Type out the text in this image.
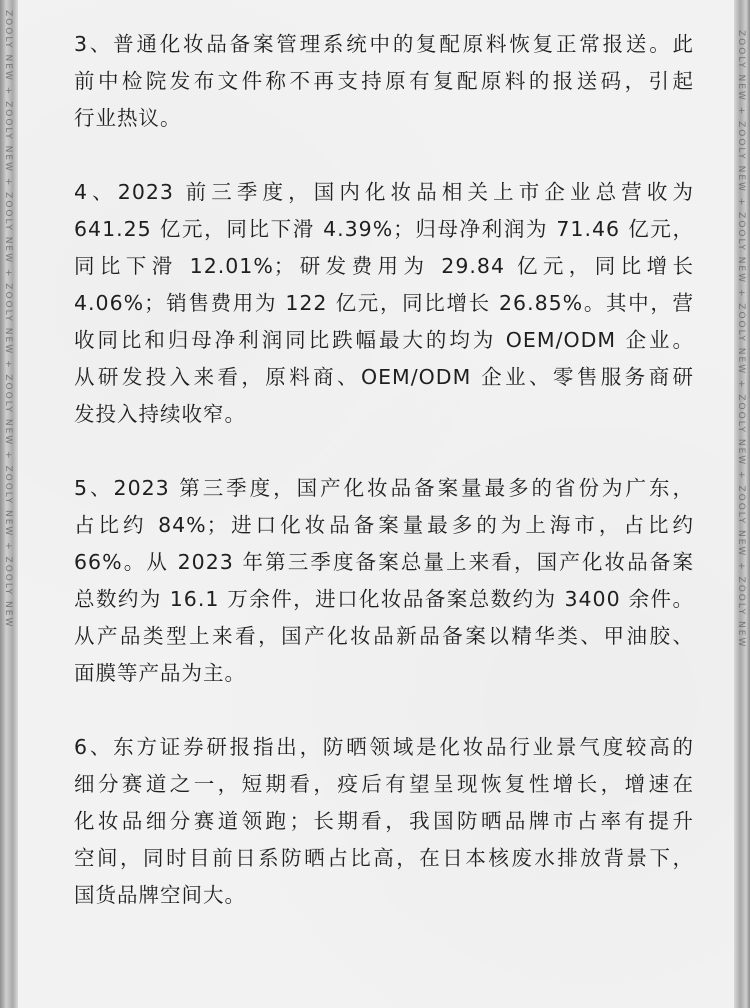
ZOOLY NEW + ZOOLY NEW + ZOOLY NEW + ZOOLY NEW + ZOOLY NEW + ZOOLY NEW + ZOOLY NEW	ZOOLY NEW + ZOOLY NEW + ZOOLY NEW + ZOOLY NEW + ZOOLY NEW + ZOOLY NEW + ZOOLY NEW
3、普通化妆品备案管理系统中的复配原料恢复正常报送。此
前中检院发布文件称不再支持原有复配原料的报送码，引起
行业热议。
4、2023 前三季度，国内化妆品相关上市企业总营收为
641.25 亿元，同比下滑 4.39%；归母净利润为 71.46 亿元，
同比下滑 12.01%；研发费用为 29.84 亿元，同比增长
4.06%；销售费用为 122 亿元，同比增长 26.85%。其中，营
收同比和归母净利润同比跌幅最大的均为 OEM/ODM 企业。
从研发投入来看，原料商、OEM/ODM 企业、零售服务商研
发投入持续收窄。
5、2023 第三季度，国产化妆品备案量最多的省份为广东，
占比约 84%；进口化妆品备案量最多的为上海市，占比约
66%。从 2023 年第三季度备案总量上来看，国产化妆品备案
总数约为 16.1 万余件，进口化妆品备案总数约为 3400 余件。
从产品类型上来看，国产化妆品新品备案以精华类、甲油胶、
面膜等产品为主。
6、东方证券研报指出，防晒领域是化妆品行业景气度较高的
细分赛道之一，短期看，疫后有望呈现恢复性增长，增速在
化妆品细分赛道领跑；长期看，我国防晒品牌市占率有提升
空间，同时目前日系防晒占比高，在日本核废水排放背景下，
国货品牌空间大。
